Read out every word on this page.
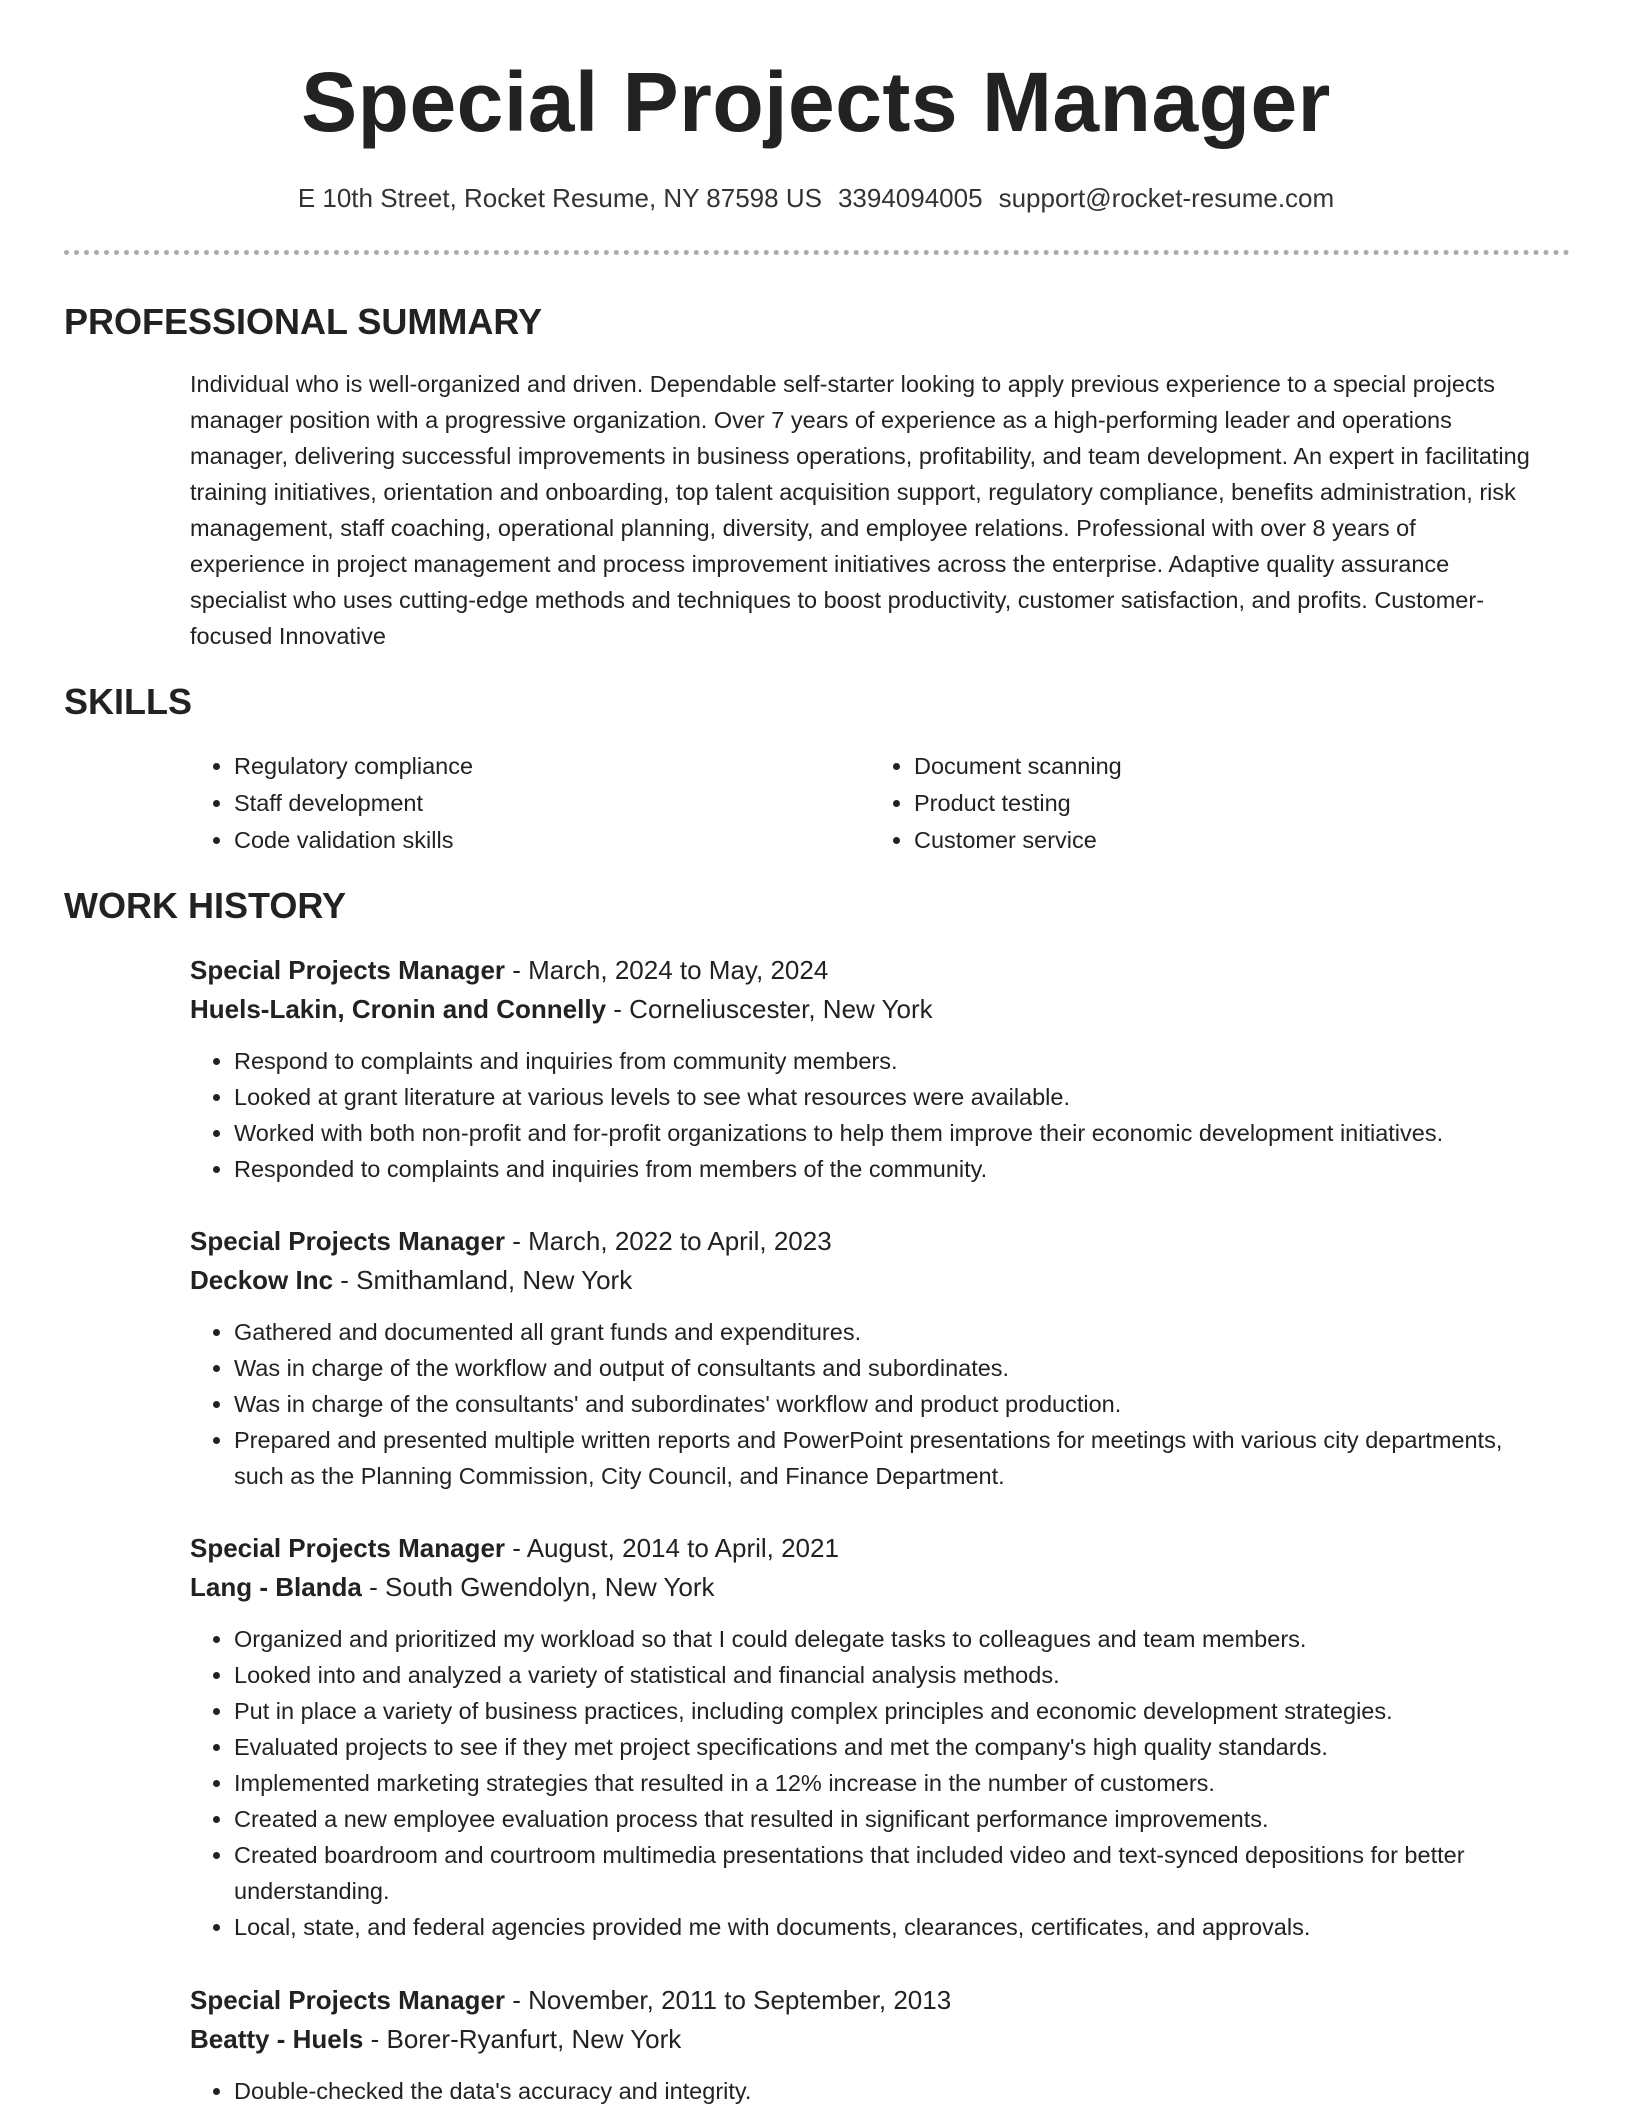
Special Projects Manager
E 10th Street, Rocket Resume, NY 87598 US 3394094005 support@rocket-resume.com
PROFESSIONAL SUMMARY
Individual who is well-organized and driven. Dependable self-starter looking to apply previous experience to a special projects manager position with a progressive organization. Over 7 years of experience as a high-performing leader and operations manager, delivering successful improvements in business operations, profitability, and team development. An expert in facilitating training initiatives, orientation and onboarding, top talent acquisition support, regulatory compliance, benefits administration, risk management, staff coaching, operational planning, diversity, and employee relations. Professional with over 8 years of experience in project management and process improvement initiatives across the enterprise. Adaptive quality assurance specialist who uses cutting-edge methods and techniques to boost productivity, customer satisfaction, and profits. Customer-focused Innovative
SKILLS
• Regulatory compliance
• Staff development
• Code validation skills
• Document scanning
• Product testing
• Customer service
WORK HISTORY
Special Projects Manager - March, 2024 to May, 2024
Huels-Lakin, Cronin and Connelly - Corneliuscester, New York
• Respond to complaints and inquiries from community members.
• Looked at grant literature at various levels to see what resources were available.
• Worked with both non-profit and for-profit organizations to help them improve their economic development initiatives.
• Responded to complaints and inquiries from members of the community.
Special Projects Manager - March, 2022 to April, 2023
Deckow Inc - Smithamland, New York
• Gathered and documented all grant funds and expenditures.
• Was in charge of the workflow and output of consultants and subordinates.
• Was in charge of the consultants' and subordinates' workflow and product production.
• Prepared and presented multiple written reports and PowerPoint presentations for meetings with various city departments, such as the Planning Commission, City Council, and Finance Department.
Special Projects Manager - August, 2014 to April, 2021
Lang - Blanda - South Gwendolyn, New York
• Organized and prioritized my workload so that I could delegate tasks to colleagues and team members.
• Looked into and analyzed a variety of statistical and financial analysis methods.
• Put in place a variety of business practices, including complex principles and economic development strategies.
• Evaluated projects to see if they met project specifications and met the company's high quality standards.
• Implemented marketing strategies that resulted in a 12% increase in the number of customers.
• Created a new employee evaluation process that resulted in significant performance improvements.
• Created boardroom and courtroom multimedia presentations that included video and text-synced depositions for better understanding.
• Local, state, and federal agencies provided me with documents, clearances, certificates, and approvals.
Special Projects Manager - November, 2011 to September, 2013
Beatty - Huels - Borer-Ryanfurt, New York
• Double-checked the data's accuracy and integrity.
